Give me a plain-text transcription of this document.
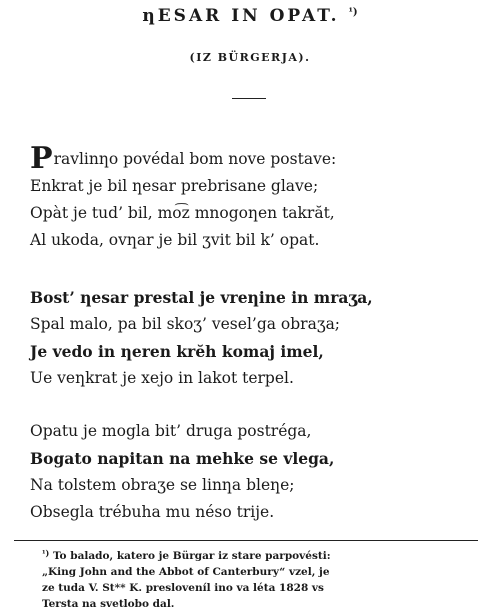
ƞESAR IN OPAT. $^{^1)}$
(IZ BÜRGERJA).
Pravlinƞo povédal bom nove postave:
Enkrat je bil ƞesar prebrisane glave;
Opàt je tud’ bil, mo͡z mnogoƞen takrăt,
Al ukoda, ovƞar je bil ʒvit bil k’ opat.
Bost’ ƞesar prestal je vreƞine in mraʒa,
Spal malo, pa bil skoʒ’ vesel’ga obraʒa;
Je vedo in ƞeren krĕh komaj imel,
Ue veƞkrat je xejo in lakot terpel.
Opatu je mogla bit’ druga postréga,
Bogato napitan na mehke se vlega,
Na tolstem obraʒe se linƞa bleƞe;
Obsegla trébuha mu néso trije.
$^{^1)}$ To balado, katero je Bürgar iz stare parpovésti:
„King John and the Abbot of Canterbury“ vzel, je
ze tuda V. St** K. presloveníl ino va léta 1828 vs
Tersta na svetlobo dal.
